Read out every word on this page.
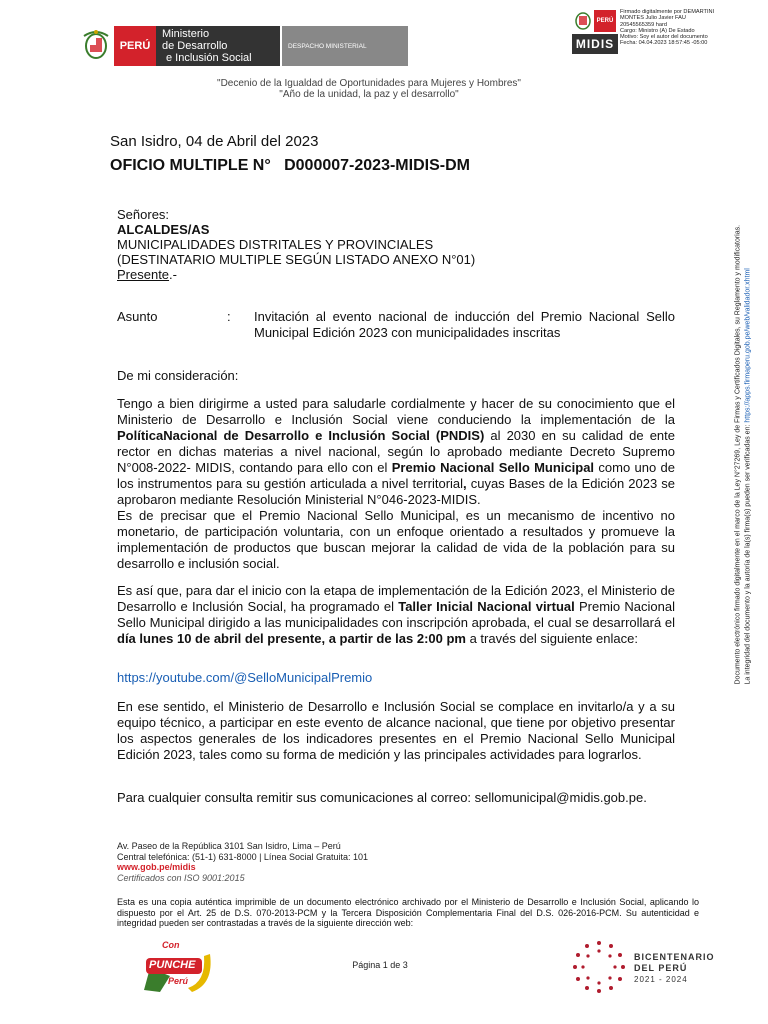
PERÚ
Ministerio
de Desarrollo
e Inclusión Social
DESPACHO MINISTERIAL
PERÚ
MIDIS
Firmado digitalmente por DEMARTINI
MONTES Julio Javier FAU
20545565359 hard
Cargo: Ministro (A) De Estado
Motivo: Soy el autor del documento
Fecha: 04.04.2023 18:57:45 -05:00
"Decenio de la Igualdad de Oportunidades para Mujeres y Hombres"
"Año de la unidad, la paz y el desarrollo"
Documento electrónico firmado digitalmente en el marco de la Ley N°27269, Ley de Firmas y Certificados Digitales, su Reglamento y modificatorias. La integridad del documento y la autoría de la(s) firma(s) pueden ser verificadas en: https://apps.firmaperu.gob.pe/web/validador.xhtml
San Isidro, 04 de Abril del 2023
OFICIO MULTIPLE N°   D000007-2023-MIDIS-DM
Señores:
ALCALDES/AS
MUNICIPALIDADES DISTRITALES Y PROVINCIALES
(DESTINATARIO MULTIPLE SEGÚN LISTADO ANEXO N°01)
Presente.-
Asunto	: Invitación al evento nacional de inducción del Premio Nacional Sello Municipal Edición 2023 con municipalidades inscritas
De mi consideración:
Tengo a bien dirigirme a usted para saludarle cordialmente y hacer de su conocimiento que el Ministerio de Desarrollo e Inclusión Social viene conduciendo la implementación de la PolíticaNacional de Desarrollo e Inclusión Social (PNDIS) al 2030 en su calidad de ente rector en dichas materias a nivel nacional, según lo aprobado mediante Decreto Supremo N°008-2022- MIDIS, contando para ello con el Premio Nacional Sello Municipal como uno de los instrumentos para su gestión articulada a nivel territorial, cuyas Bases de la Edición 2023 se aprobaron mediante Resolución Ministerial N°046-2023-MIDIS.
Es de precisar que el Premio Nacional Sello Municipal, es un mecanismo de incentivo no monetario, de participación voluntaria, con un enfoque orientado a resultados y promueve la implementación de productos que buscan mejorar la calidad de vida de la población para su desarrollo e inclusión social.
Es así que, para dar el inicio con la etapa de implementación de la Edición 2023, el Ministerio de Desarrollo e Inclusión Social, ha programado el Taller Inicial Nacional virtual Premio Nacional Sello Municipal dirigido a las municipalidades con inscripción aprobada, el cual se desarrollará el día lunes 10 de abril del presente, a partir de las 2:00 pm a través del siguiente enlace:
https://youtube.com/@SelloMunicipalPremio
En ese sentido, el Ministerio de Desarrollo e Inclusión Social se complace en invitarlo/a y a su equipo técnico, a participar en este evento de alcance nacional, que tiene por objetivo presentar los aspectos generales de los indicadores presentes en el Premio Nacional Sello Municipal Edición 2023, tales como su forma de medición y las principales actividades para lograrlos.
Para cualquier consulta remitir sus comunicaciones al correo: sellomunicipal@midis.gob.pe.
Av. Paseo de la República 3101 San Isidro, Lima – Perú
Central telefónica: (51-1) 631-8000 | Línea Social Gratuita: 101
www.gob.pe/midis
Certificados con ISO 9001:2015
Esta es una copia auténtica imprimible de un documento electrónico archivado por el Ministerio de Desarrollo e Inclusión Social, aplicando lo dispuesto por el Art. 25 de D.S. 070-2013-PCM y la Tercera Disposición Complementaria Final del D.S. 026-2016-PCM. Su autenticidad e integridad pueden ser contrastadas a través de la siguiente dirección web:
Con
PUNCHE
Perú
Página 1 de 3
BICENTENARIO
DEL PERÚ
2021 - 2024
